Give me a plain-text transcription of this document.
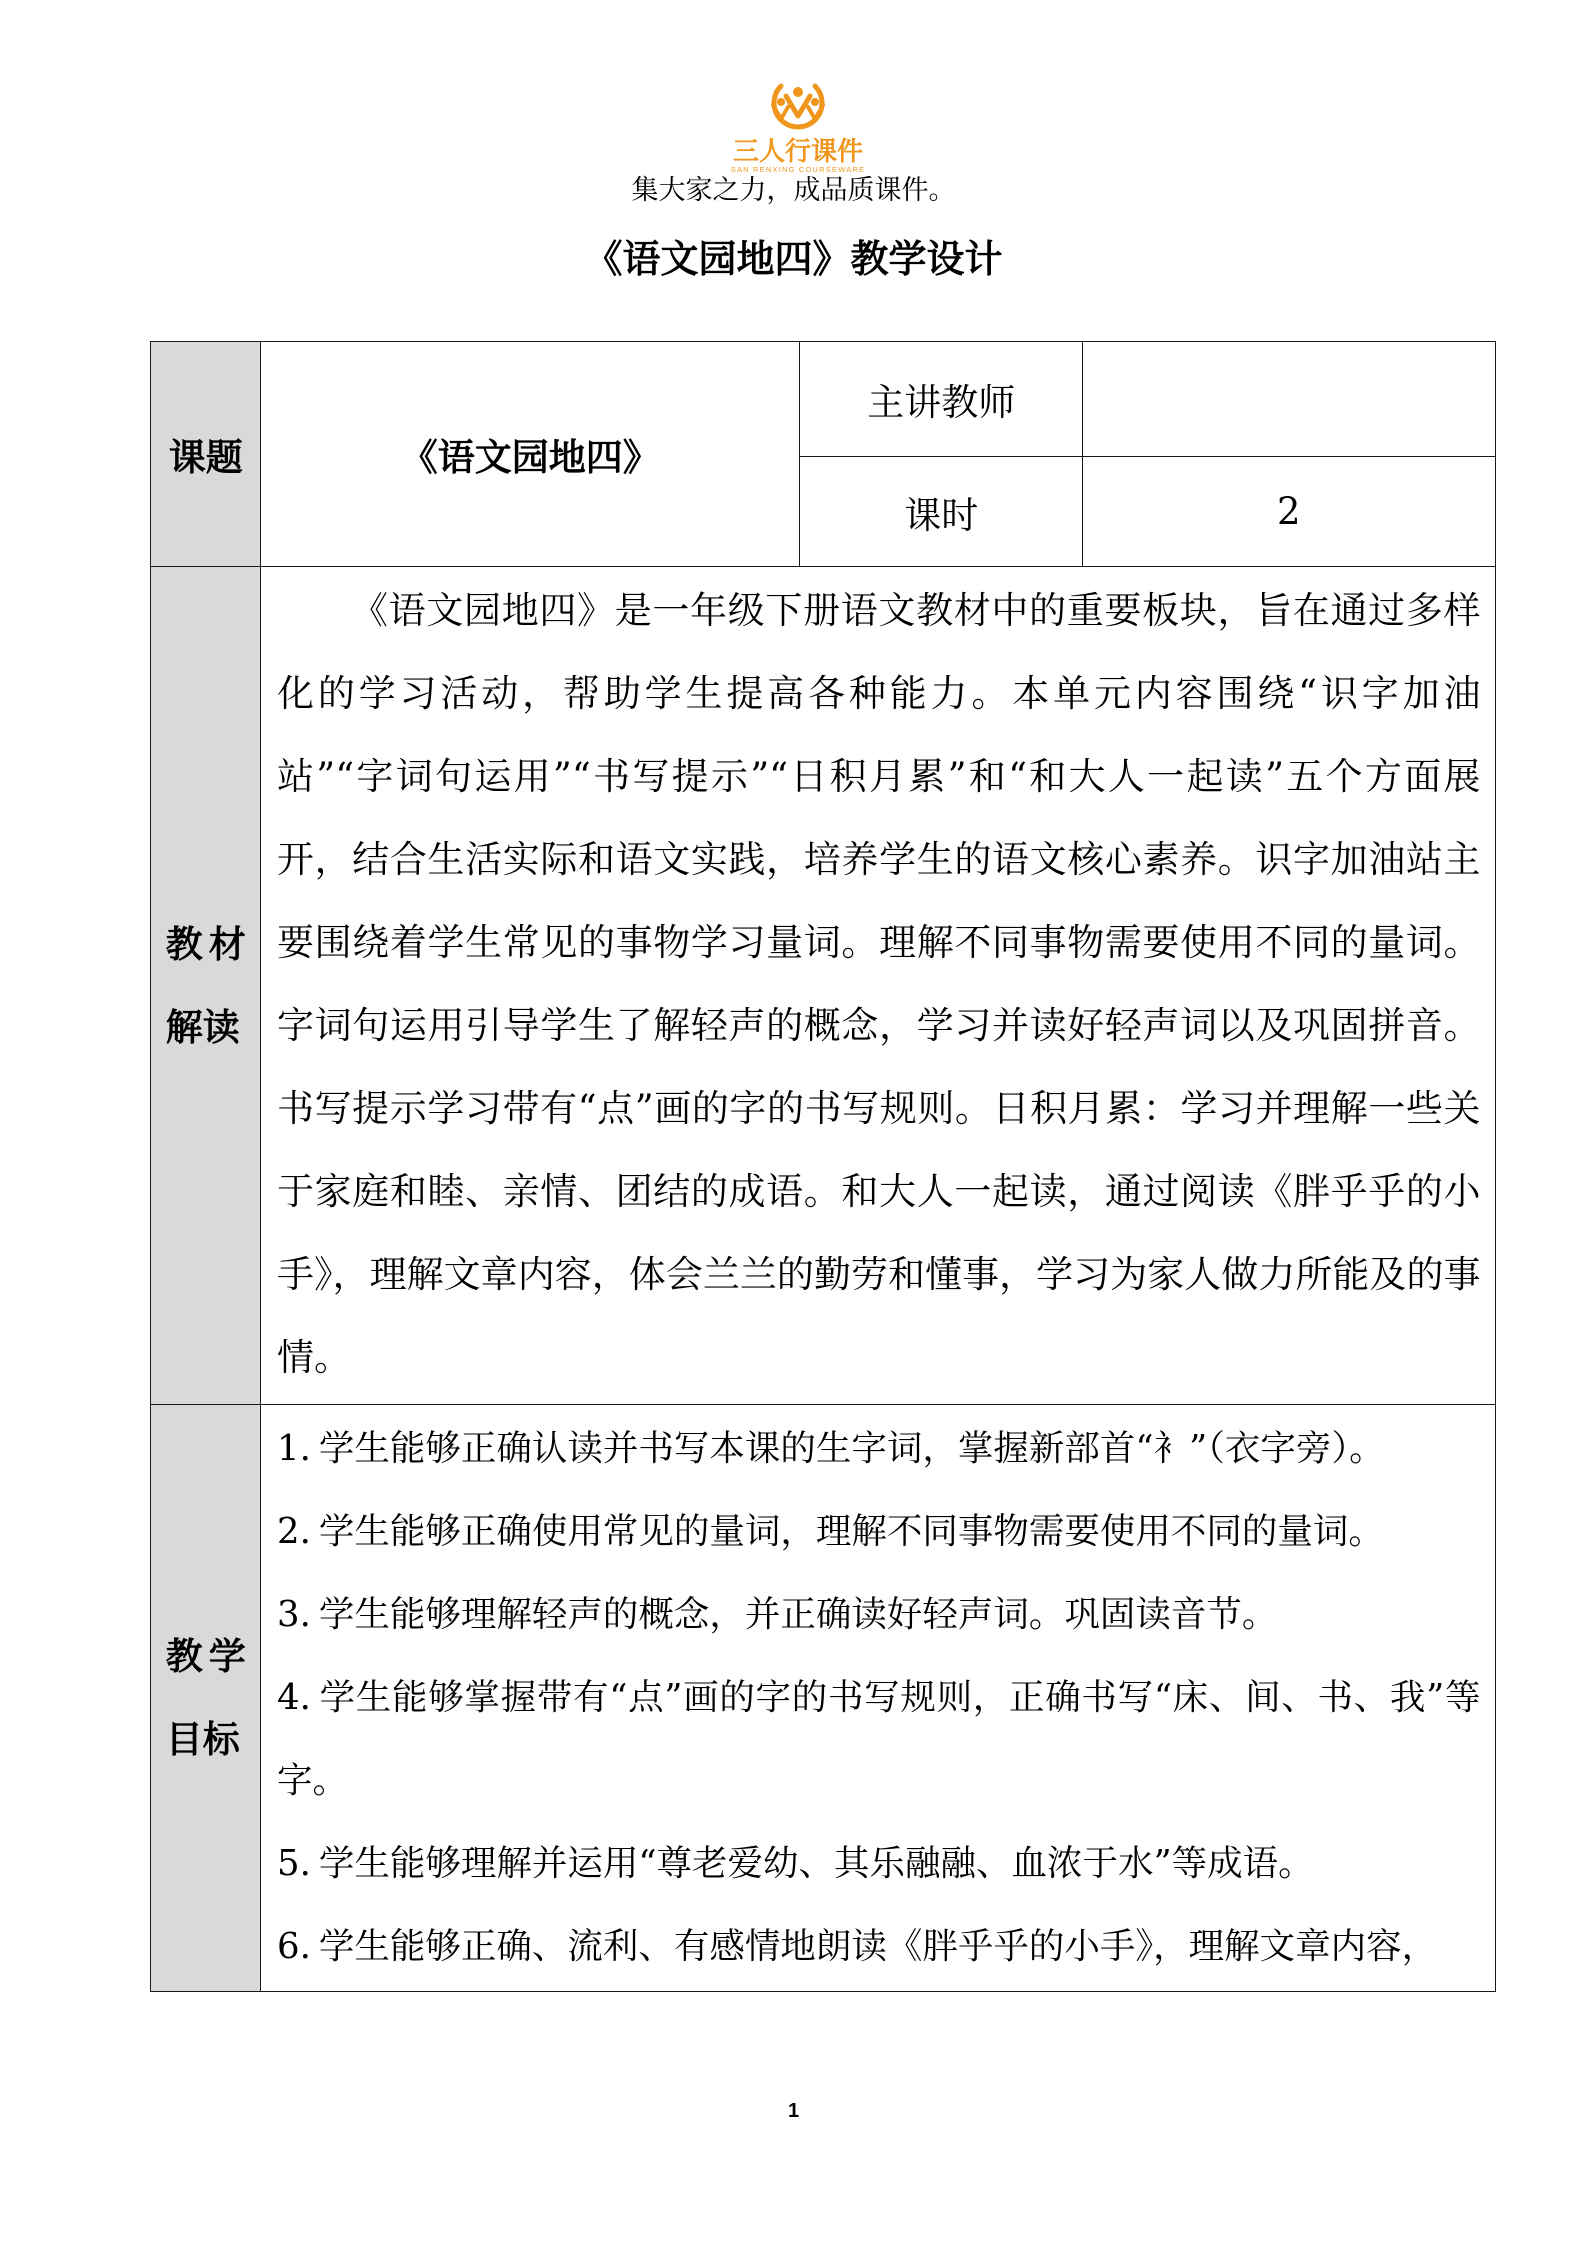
三人行课件
SAN RENXING COURSEWARE
集大家之力，成品质课件。
《语文园地四》教学设计
课题	《语文园地四》
主讲教师
课时	2
教材解读

《语文园地四》是一年级下册语文教材中的重要板块，旨在通过多样化的学习活动，帮助学生提高各种能力。本单元内容围绕“识字加油站”“字词句运用”“书写提示”“日积月累”和“和大人一起读”五个方面展开，结合生活实际和语文实践，培养学生的语文核心素养。识字加油站主要围绕着学生常见的事物学习量词。理解不同事物需要使用不同的量词。字词句运用引导学生了解轻声的概念，学习并读好轻声词以及巩固拼音。书写提示学习带有“点”画的字的书写规则。日积月累：学习并理解一些关于家庭和睦、亲情、团结的成语。和大人一起读，通过阅读《胖乎乎的小手》，理解文章内容，体会兰兰的勤劳和懂事，学习为家人做力所能及的事情。

教学目标

1. 学生能够正确认读并书写本课的生字词，掌握新部首“衤”（衣字旁）。

2. 学生能够正确使用常见的量词，理解不同事物需要使用不同的量词。

3. 学生能够理解轻声的概念，并正确读好轻声词。巩固读音节。

4. 学生能够掌握带有“点”画的字的书写规则，正确书写“床、间、书、我”等字。

5. 学生能够理解并运用“尊老爱幼、其乐融融、血浓于水”等成语。

6. 学生能够正确、流利、有感情地朗读《胖乎乎的小手》，理解文章内容，

1
